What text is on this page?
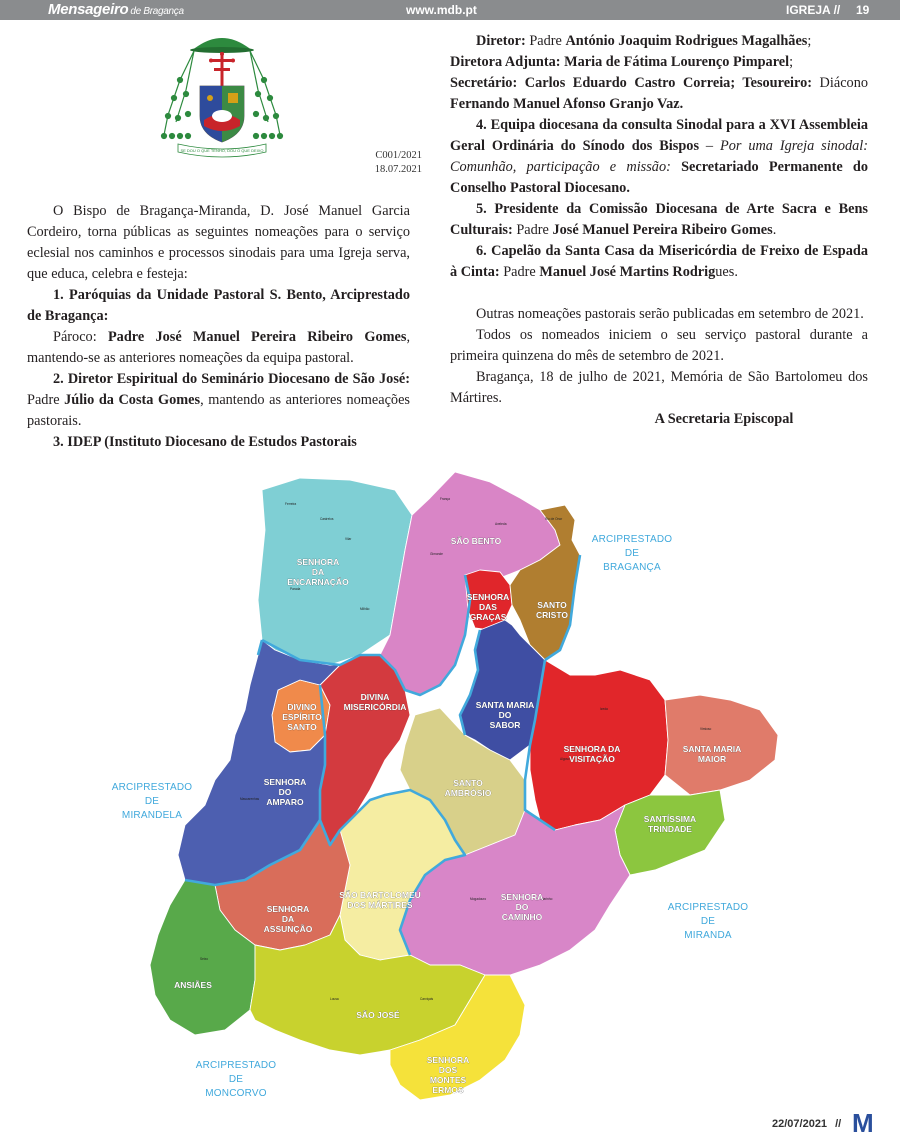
Mensageiro de Bragança	www.mdb.pt	IGREJA // 19
SE DOU O QUE TENHO, DOU O QUE DEIXO	C001/2021
18.07.2021

O Bispo de Bragança-Miranda, D. José Manuel Garcia Cordeiro, torna públicas as seguintes nomeações para o serviço eclesial nos caminhos e processos sinodais para uma Igreja serva, que educa, celebra e festeja:

1. Paróquias da Unidade Pastoral S. Bento, Arciprestado de Bragança:

Pároco: Padre José Manuel Pereira Ribeiro Gomes, mantendo-se as anteriores nomeações da equipa pastoral.

2. Diretor Espiritual do Seminário Diocesano de São José: Padre Júlio da Costa Gomes, mantendo as anteriores nomeações pastorais.

3. IDEP (Instituto Diocesano de Estudos Pastorais

Diretor: Padre António Joaquim Rodrigues Magalhães;

Diretora Adjunta: Maria de Fátima Lourenço Pimparel;

Secretário: Carlos Eduardo Castro Correia; Tesoureiro: Diácono Fernando Manuel Afonso Granjo Vaz.

4. Equipa diocesana da consulta Sinodal para a XVI Assembleia Geral Ordinária do Sínodo dos Bispos – Por uma Igreja sinodal: Comunhão, participação e missão: Secretariado Permanente do Conselho Pastoral Diocesano.

5. Presidente da Comissão Diocesana de Arte Sacra e Bens Culturais: Padre José Manuel Pereira Ribeiro Gomes.

6. Capelão da Santa Casa da Misericórdia de Freixo de Espada à Cinta: Padre Manuel José Martins Rodrigues.

Outras nomeações pastorais serão publicadas em setembro de 2021.

Todos os nomeados iniciem o seu serviço pastoral durante a primeira quinzena do mês de setembro de 2021.

Bragança, 18 de julho de 2021, Memória de São Bartolomeu dos Mártires.

A Secretaria Episcopal

Ferreira
Castrelos
Vilar
Parada
Milhão
França
Aveleda
Gimonde
Rio de Onor
Izeda
Vimioso
Algoso
Mogadouro	Vilarinho
Carviçais
Lousa
Seixo
Mascarenhas
SENHORA DA ENCARNAÇÃO
SÃO BENTO
SENHORA DAS GRAÇAS
SANTO CRISTO
DIVINO ESPÍRITO SANTO
DIVINA MISERICÓRDIA	SANTA MARIA DO SABOR
SENHORA DA VISITAÇÃO
SANTA MARIA MAIOR
SENHORA DO AMPARO
SANTO AMBRÓSIO
SANTÍSSIMA TRINDADE
SENHORA DO CAMINHO
SÃO BARTOLOMEU DOS MÁRTIRES
SENHORA DA ASSUNÇÃO
ANSIÃES
SÃO JOSÉ
SENHORA DOS MONTES ERMOS
ARCIPRESTADO DE BRAGANÇA
ARCIPRESTADO DE MIRANDELA
ARCIPRESTADO DE MIRANDA
ARCIPRESTADO DE MONCORVO
22/07/2021 // M
